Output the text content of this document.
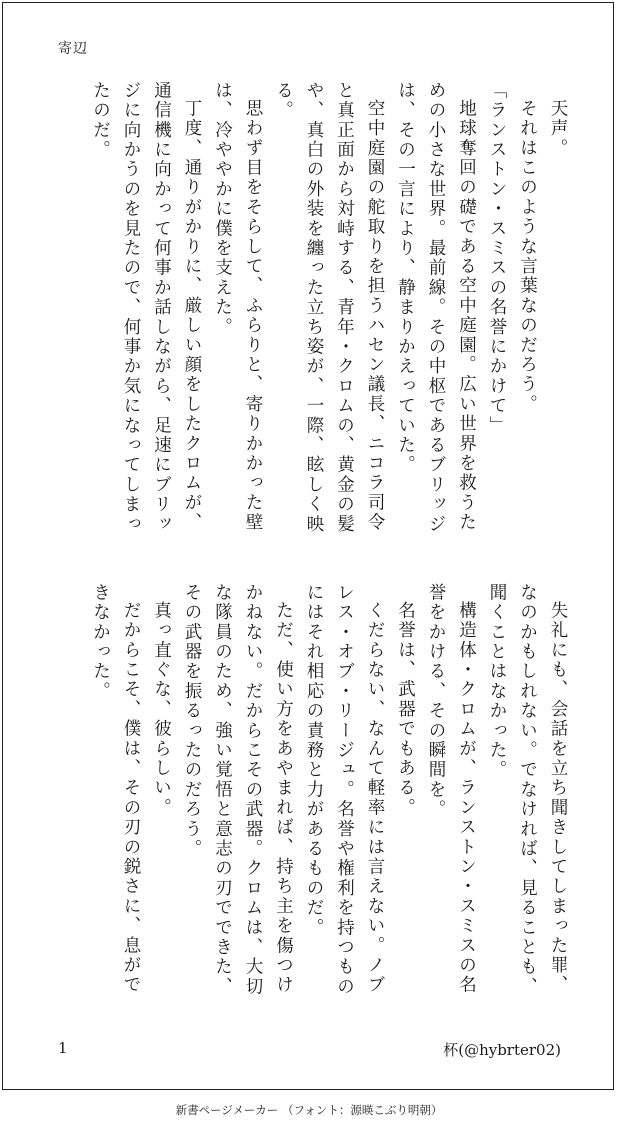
寄辺

天声。

それはこのような言葉なのだろう。

「ランストン・スミスの名誉にかけて」

地球奪回の礎である空中庭園。広い世界を救うための小さな世界。最前線。その中枢であるブリッジは、その一言により、静まりかえっていた。

空中庭園の舵取りを担うハセン議長、ニコラ司令と真正面から対峙する、青年・クロムの、黄金の髪や、真白の外装を纏った立ち姿が、一際、眩しく映る。

思わず目をそらして、ふらりと、寄りかかった壁は、冷ややかに僕を支えた。

丁度、通りがかりに、厳しい顔をしたクロムが、通信機に向かって何事か話しながら、足速にブリッジに向かうのを見たので、何事か気になってしまったのだ。

失礼にも、会話を立ち聞きしてしまった罪、なのかもしれない。でなければ、見ることも、聞くことはなかった。

構造体・クロムが、ランストン・スミスの名誉をかける、その瞬間を。

名誉は、武器でもある。

くだらない、なんて軽率には言えない。ノブレス・オブ・リージュ。名誉や権利を持つものにはそれ相応の責務と力があるものだ。

ただ、使い方をあやまれば、持ち主を傷つけかねない。だからこその武器。クロムは、大切な隊員のため、強い覚悟と意志の刃でできた、その武器を振るったのだろう。

真っ直ぐな、彼らしい。

だからこそ、僕は、その刃の鋭さに、息ができなかった。

1	杯(@hybrter02)
新書ページメーカー （フォント：源暎こぶり明朝）
